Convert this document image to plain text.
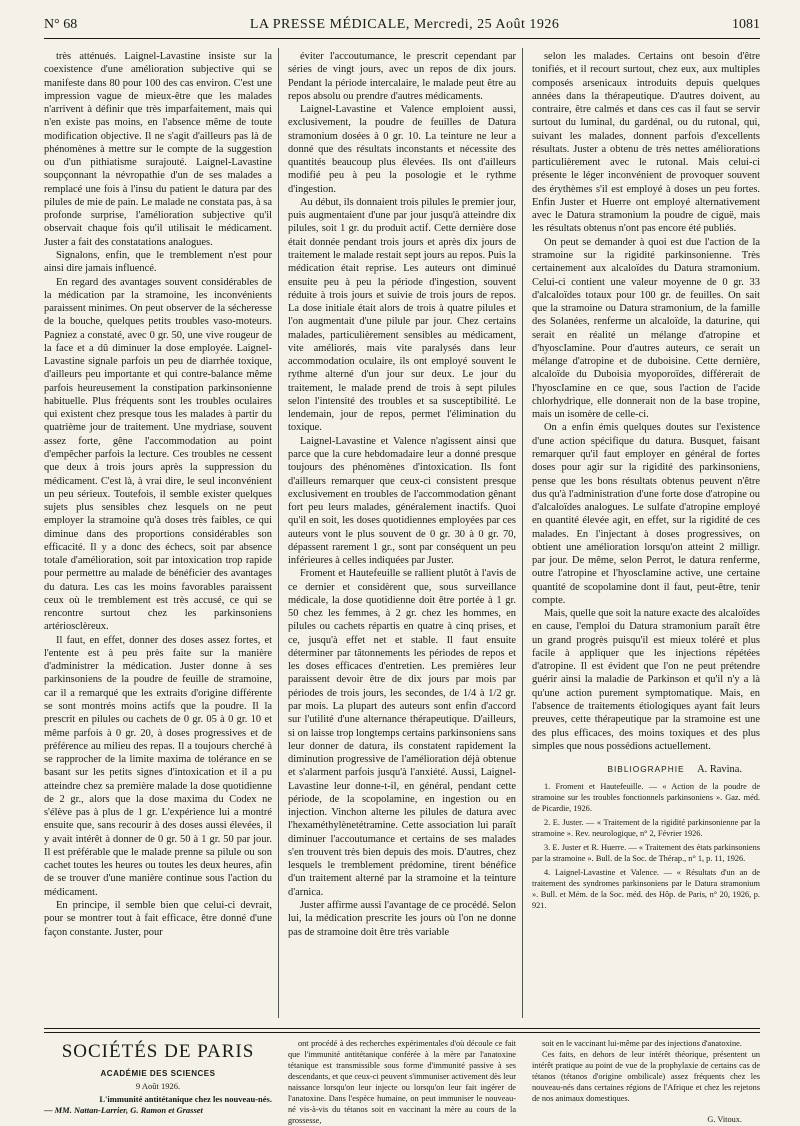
N° 68	LA PRESSE MÉDICALE, Mercredi, 25 Août 1926	1081

très atténués. Laignel-Lavastine insiste sur la coexistence d'une amélioration subjective qui se manifeste dans 80 pour 100 des cas environ. C'est une impression vague de mieux-être que les malades n'arrivent à définir que très imparfaitement, mais qui n'en existe pas moins, en l'absence même de toute modification objective. Il ne s'agit d'ailleurs pas là de phénomènes à mettre sur le compte de la suggestion ou d'un pithiatisme surajouté. Laignel-Lavastine soupçonnant la névropathie d'un de ses malades a remplacé une fois à l'insu du patient le datura par des pilules de mie de pain. Le malade ne constata pas, à sa profonde surprise, l'amélioration subjective qu'il observait chaque fois qu'il utilisait le médicament. Juster a fait des constatations analogues.

Signalons, enfin, que le tremblement n'est pour ainsi dire jamais influencé.

En regard des avantages souvent considérables de la médication par la stramoine, les inconvénients paraissent minimes. On peut observer de la sécheresse de la bouche, quelques petits troubles vaso-moteurs. Pagniez a constaté, avec 0 gr. 50, une vive rougeur de la face et a dû diminuer la dose employée. Laignel-Lavastine signale parfois un peu de diarrhée toxique, d'ailleurs peu importante et qui contre-balance même parfois heureusement la constipation parkinsonienne habituelle. Plus fréquents sont les troubles oculaires qui existent chez presque tous les malades à partir du quatrième jour de traitement. Une mydriase, souvent assez forte, gêne l'accommodation au point d'empêcher parfois la lecture. Ces troubles ne cessent que deux à trois jours après la suppression du médicament. C'est là, à vrai dire, le seul inconvénient un peu sérieux. Toutefois, il semble exister quelques sujets plus sensibles chez lesquels on ne peut employer la stramoine qu'à doses très faibles, ce qui diminue dans des proportions considérables son efficacité. Il y a donc des échecs, soit par absence totale d'amélioration, soit par intoxication trop rapide pour permettre au malade de bénéficier des avantages du datura. Les cas les moins favorables paraissent ceux où le tremblement est très accusé, ce qui se rencontre surtout chez les parkinsoniens artériosclèreux.

Il faut, en effet, donner des doses assez fortes, et l'entente est à peu près faite sur la manière d'administrer la médication. Juster donne à ses parkinsoniens de la poudre de feuille de stramoine, car il a remarqué que les extraits d'origine différente se sont montrés moins actifs que la poudre. Il la prescrit en pilules ou cachets de 0 gr. 05 à 0 gr. 10 et même parfois à 0 gr. 20, à doses progressives et de préférence au milieu des repas. Il a toujours cherché à se rapprocher de la limite maxima de tolérance en se basant sur les petits signes d'intoxication et il a pu atteindre chez sa première malade la dose quotidienne de 2 gr., alors que la dose maxima du Codex ne s'élève pas à plus de 1 gr. L'expérience lui a montré ensuite que, sans recourir à des doses aussi élevées, il y avait intérêt à donner de 0 gr. 50 à 1 gr. 50 par jour. Il est préférable que le malade prenne sa pilule ou son cachet toutes les heures ou toutes les deux heures, afin de se trouver d'une manière continue sous l'action du médicament.

En principe, il semble bien que celui-ci devrait, pour se montrer tout à fait efficace, être donné d'une façon constante. Juster, pour

éviter l'accoutumance, le prescrit cependant par séries de vingt jours, avec un repos de dix jours. Pendant la période intercalaire, le malade peut être au repos absolu ou prendre d'autres médicaments.

Laignel-Lavastine et Valence emploient aussi, exclusivement, la poudre de feuilles de Datura stramonium dosées à 0 gr. 10. La teinture ne leur a donné que des résultats inconstants et nécessite des quantités beaucoup plus élevées. Ils ont d'ailleurs modifié peu à peu la posologie et le rythme d'ingestion.

Au début, ils donnaient trois pilules le premier jour, puis augmentaient d'une par jour jusqu'à atteindre dix pilules, soit 1 gr. du produit actif. Cette dernière dose était donnée pendant trois jours et après dix jours de traitement le malade restait sept jours au repos. Puis la médication était reprise. Les auteurs ont diminué ensuite peu à peu la période d'ingestion, souvent réduite à trois jours et suivie de trois jours de repos. La dose initiale était alors de trois à quatre pilules et l'on augmentait d'une pilule par jour. Chez certains malades, particulièrement sensibles au médicament, vite améliorés, mais vite paralysés dans leur accommodation oculaire, ils ont employé souvent le rythme alterné d'un jour sur deux. Le jour du traitement, le malade prend de trois à sept pilules selon l'intensité des troubles et sa susceptibilité. Le lendemain, jour de repos, permet l'élimination du toxique.

Laignel-Lavastine et Valence n'agissent ainsi que parce que la cure hebdomadaire leur a donné presque toujours des phénomènes d'intoxication. Ils font d'ailleurs remarquer que ceux-ci consistent presque exclusivement en troubles de l'accommodation gênant fort peu leurs malades, généralement inactifs. Quoi qu'il en soit, les doses quotidiennes employées par ces auteurs vont le plus souvent de 0 gr. 30 à 0 gr. 70, dépassent rarement 1 gr., sont par conséquent un peu inférieures à celles indiquées par Juster.

Froment et Hautefeuille se rallient plutôt à l'avis de ce dernier et considèrent que, sous surveillance médicale, la dose quotidienne doit être portée à 1 gr. 50 chez les femmes, à 2 gr. chez les hommes, en pilules ou cachets répartis en quatre à cinq prises, et ce, jusqu'à effet net et stable. Il faut ensuite déterminer par tâtonnements les périodes de repos et les doses efficaces d'entretien. Les premières leur paraissent devoir être de dix jours par mois par périodes de trois jours, les secondes, de 1/4 à 1/2 gr. par mois. La plupart des auteurs sont enfin d'accord sur l'utilité d'une alternance thérapeutique. D'ailleurs, si on laisse trop longtemps certains parkinsoniens sans leur donner de datura, ils constatent rapidement la diminution progressive de l'amélioration déjà obtenue et s'alarment parfois jusqu'à l'anxiété. Aussi, Laignel-Lavastine leur donne-t-il, en général, pendant cette période, de la scopolamine, en ingestion ou en injection. Vinchon alterne les pilules de datura avec l'hexaméthylènetétramine. Cette association lui paraît diminuer l'accoutumance et certains de ses malades s'en trouvent très bien depuis des mois. D'autres, chez lesquels le tremblement prédomine, tirent bénéfice d'un traitement alterné par la stramoine et la teinture d'arnica.

Juster affirme aussi l'avantage de ce procédé. Selon lui, la médication prescrite les jours où l'on ne donne pas de stramoine doit être très variable

selon les malades. Certains ont besoin d'être tonifiés, et il recourt surtout, chez eux, aux multiples composés arsenicaux introduits depuis quelques années dans la thérapeutique. D'autres doivent, au contraire, être calmés et dans ces cas il faut se servir surtout du luminal, du gardénal, ou du rutonal, qui, suivant les malades, donnent parfois d'excellents résultats. Juster a obtenu de très nettes améliorations particulièrement avec le rutonal. Mais celui-ci présente le léger inconvénient de provoquer souvent des érythèmes s'il est employé à doses un peu fortes. Enfin Juster et Huerre ont employé alternativement avec le Datura stramonium la poudre de ciguë, mais les résultats obtenus n'ont pas encore été publiés.

On peut se demander à quoi est due l'action de la stramoine sur la rigidité parkinsonienne. Très certainement aux alcaloïdes du Datura stramonium. Celui-ci contient une valeur moyenne de 0 gr. 33 d'alcaloïdes totaux pour 100 gr. de feuilles. On sait que la stramoine ou Datura stramonium, de la famille des Solanées, renferme un alcaloïde, la daturine, qui serait en réalité un mélange d'atropine et d'hyoscIamine. Pour d'autres auteurs, ce serait un mélange d'atropine et de duboisine. Cette dernière, alcaloïde du Duboisia myoporoïdes, différerait de l'hyoscIamine en ce que, sous l'action de l'acide chlorhydrique, elle donnerait non de la base tropine, mais un isomère de celle-ci.

On a enfin émis quelques doutes sur l'existence d'une action spécifique du datura. Busquet, faisant remarquer qu'il faut employer en général de fortes doses pour agir sur la rigidité des parkinsoniens, pense que les bons résultats obtenus peuvent n'être dus qu'à l'administration d'une forte dose d'atropine ou d'alcaloïdes analogues. Le sulfate d'atropine employé en quantité élevée agit, en effet, sur la rigidité de ces malades. En l'injectant à doses progressives, on obtient une amélioration lorsqu'on atteint 2 milligr. par jour. De même, selon Perrot, le datura renferme, outre l'atropine et l'hyoscIamine active, une certaine quantité de scopolamine dont il faut, peut-être, tenir compte.

Mais, quelle que soit la nature exacte des alcaloïdes en cause, l'emploi du Datura stramonium paraît être un grand progrès puisqu'il est mieux toléré et plus facile à appliquer que les injections répétées d'atropine. Il est évident que l'on ne peut prétendre guérir ainsi la maladie de Parkinson et qu'il n'y a là qu'une action purement symptomatique. Mais, en l'absence de traitements étiologiques ayant fait leurs preuves, cette thérapeutique par la stramoine est une des plus efficaces, des moins toxiques et des plus simples que nous possédions actuellement.

A. Ravina.

BIBLIOGRAPHIE

1. Froment et Hautefeuille. — « Action de la poudre de stramoine sur les troubles fonctionnels parkinsoniens ». Gaz. méd. de Picardie, 1926.

2. E. Juster. — « Traitement de la rigidité parkinsonienne par la stramoine ». Rev. neurologique, n° 2, Février 1926.

3. E. Juster et R. Huerre. — « Traitement des états parkinsoniens par la stramoine ». Bull. de la Soc. de Thérap., n° 1, p. 11, 1926.

4. Laignel-Lavastine et Valence. — « Résultats d'un an de traitement des syndromes parkinsoniens par le Datura stramonium ». Bull. et Mém. de la Soc. méd. des Hôp. de Paris, n° 20, 1926, p. 921.

SOCIÉTÉS DE PARIS
ACADÉMIE DES SCIENCES
9 Août 1926.
L'immunité antitétanique chez les nouveau-nés.
— MM. Nattan-Larrier, G. Ramon et Grasset

ont procédé à des recherches expérimentales d'où découle ce fait que l'immunité antitétanique conférée à la mère par l'anatoxine tétanique est transmissible sous forme d'immunité passive à ses descendants, et que ceux-ci peuvent s'immuniser activement dès leur naissance lorsqu'on leur injecte ou lorsqu'on leur fait ingérer de l'anatoxine. Dans l'espèce humaine, on peut immuniser le nouveau-né vis-à-vis du tétanos soit en vaccinant la mère au cours de la grossesse,

soit en le vaccinant lui-même par des injections d'anatoxine.

Ces faits, en dehors de leur intérêt théorique, présentent un intérêt pratique au point de vue de la prophylaxie de certains cas de tétanos (tétanos d'origine ombilicale) assez fréquents chez les nouveau-nés dans certaines régions de l'Afrique et chez les rejetons de nos animaux domestiques.

G. Vitoux.
